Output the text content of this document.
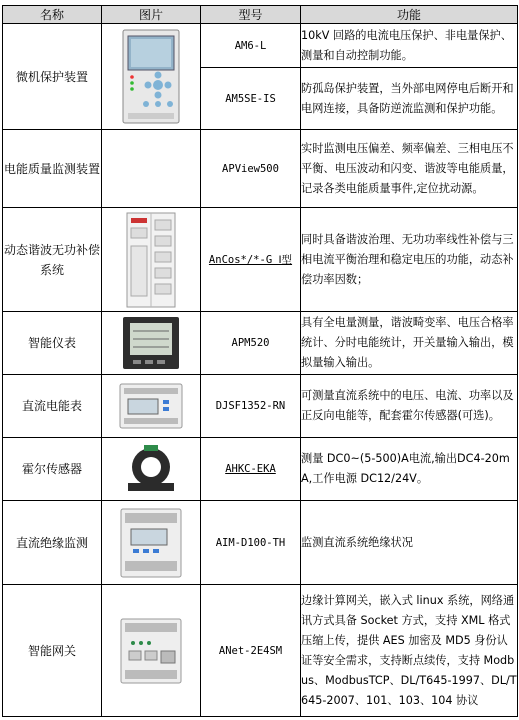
名称	图片	型号	功能
微机保护装置		AM6-L	10kV 回路的电流电压保护、非电量保护、测量和自动控制功能。

		AM5SE-IS	防孤岛保护装置，当外部电网停电后断开和电网连接，具备防逆流监测和保护功能。

电能质量监测装置		APView500	实时监测电压偏差、频率偏差、三相电压不平衡、电压波动和闪变、谐波等电能质量，记录各类电能质量事件,定位扰动源。

动态谐波无功补偿系统		AnCos*/*-G Ⅰ型	同时具备谐波治理、无功功率线性补偿与三相电流平衡治理和稳定电压的功能，动态补偿功率因数；

智能仪表		APM520	具有全电量测量，谐波畸变率、电压合格率统计、分时电能统计，开关量输入输出，模拟量输入输出。

直流电能表		DJSF1352-RN	可测量直流系统中的电压、电流、功率以及正反向电能等，配套霍尔传感器(可选)。

霍尔传感器		AHKC-EKA	测量 DC0~(5-500)A电流,输出DC4-20mA,工作电源 DC12/24V。

直流绝缘监测		AIM-D100-TH	监测直流系统绝缘状况

智能网关		ANet-2E4SM	边缘计算网关，嵌入式 linux 系统，网络通讯方式具备 Socket 方式，支持 XML 格式压缩上传，提供 AES 加密及 MD5 身份认证等安全需求，支持断点续传，支持 Modbus、ModbusTCP、DL/T645-1997、DL/T645-2007、101、103、104 协议
